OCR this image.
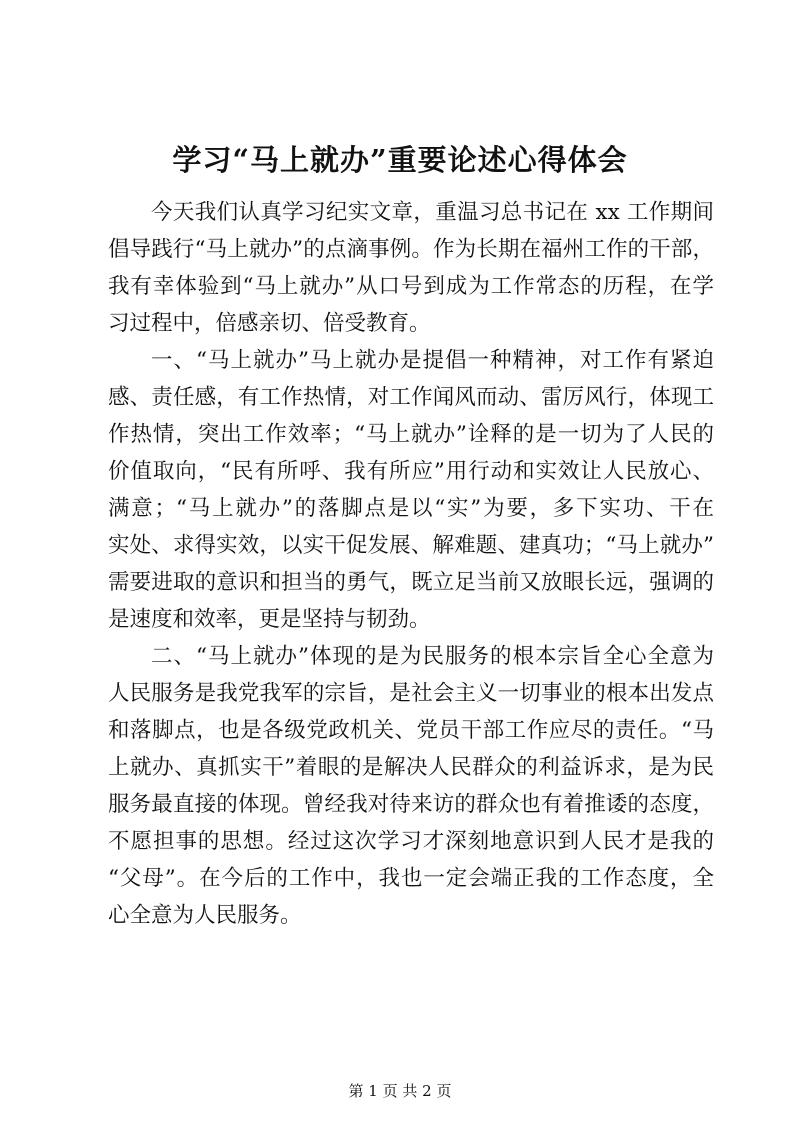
学习“马上就办”重要论述心得体会
今天我们认真学习纪实文章，重温习总书记在 xx 工作期间
倡导践行“马上就办”的点滴事例。作为长期在福州工作的干部，
我有幸体验到“马上就办”从口号到成为工作常态的历程，在学
习过程中，倍感亲切、倍受教育。
一、“马上就办”马上就办是提倡一种精神，对工作有紧迫
感、责任感，有工作热情，对工作闻风而动、雷厉风行，体现工
作热情，突出工作效率；“马上就办”诠释的是一切为了人民的
价值取向，“民有所呼、我有所应”用行动和实效让人民放心、
满意；“马上就办”的落脚点是以“实”为要，多下实功、干在
实处、求得实效，以实干促发展、解难题、建真功；“马上就办”
需要进取的意识和担当的勇气，既立足当前又放眼长远，强调的
是速度和效率，更是坚持与韧劲。
二、“马上就办”体现的是为民服务的根本宗旨全心全意为
人民服务是我党我军的宗旨，是社会主义一切事业的根本出发点
和落脚点，也是各级党政机关、党员干部工作应尽的责任。“马
上就办、真抓实干”着眼的是解决人民群众的利益诉求，是为民
服务最直接的体现。曾经我对待来访的群众也有着推诿的态度，
不愿担事的思想。经过这次学习才深刻地意识到人民才是我的
“父母”。在今后的工作中，我也一定会端正我的工作态度，全
心全意为人民服务。
第 1 页 共 2 页
